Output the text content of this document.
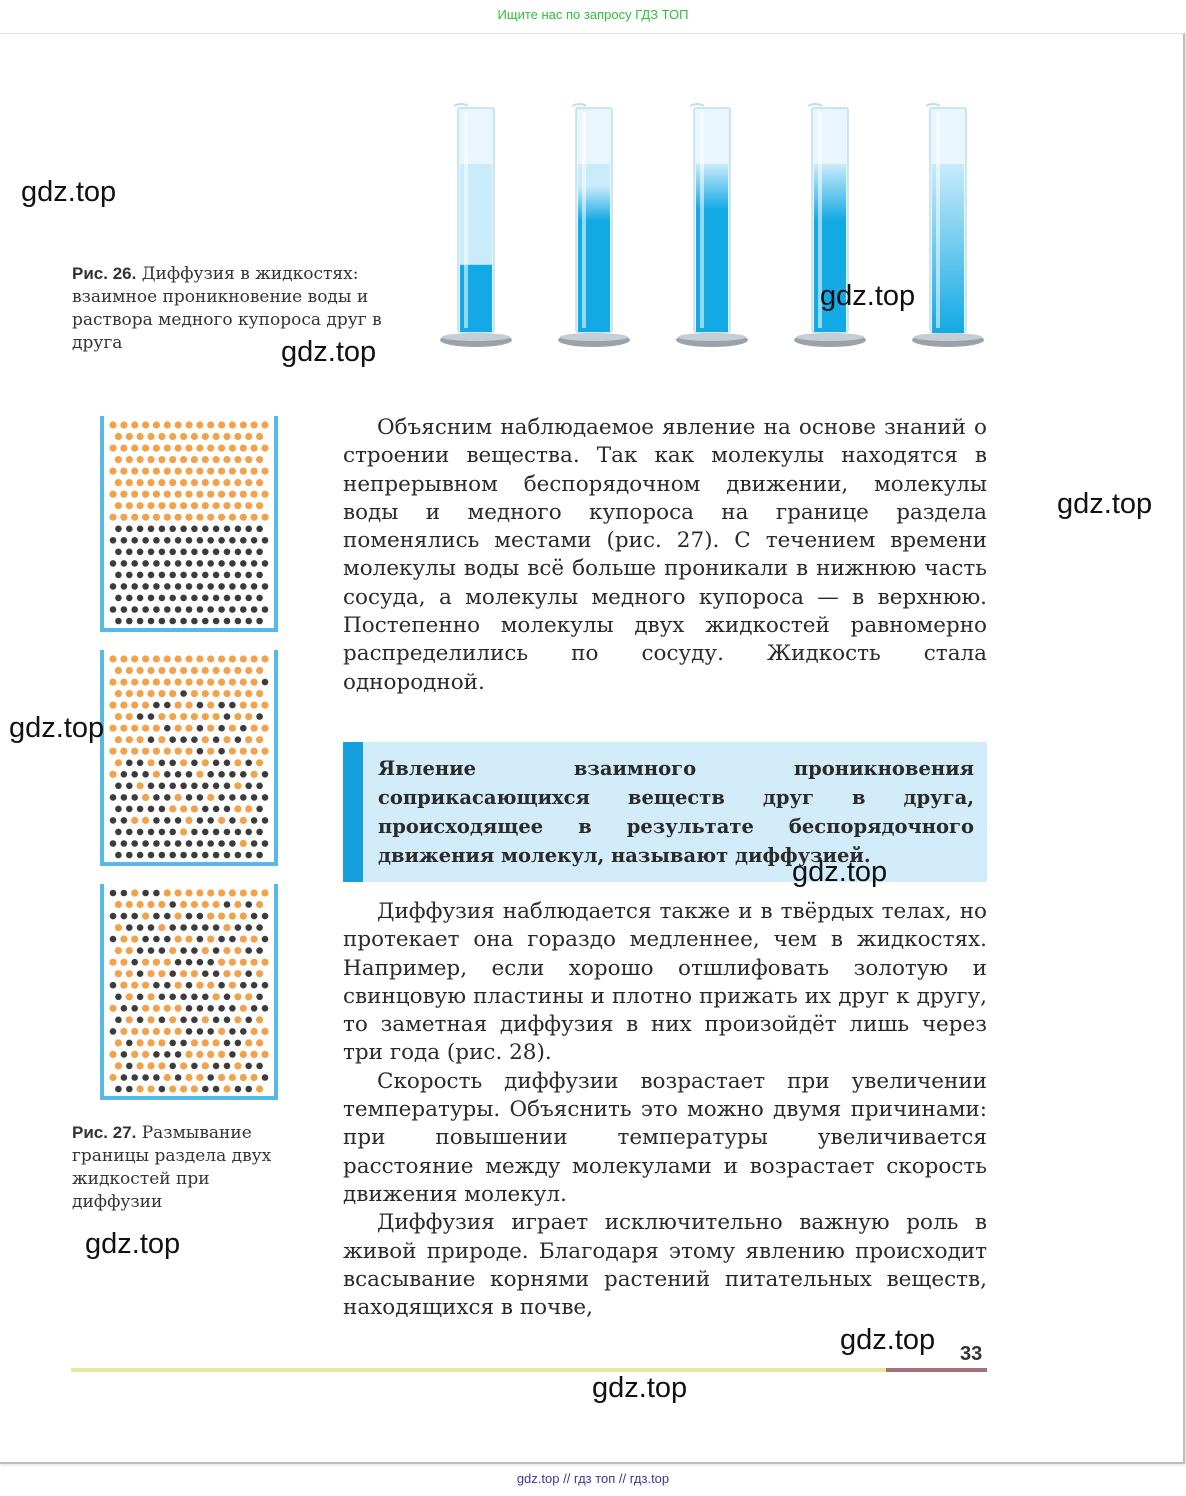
Ищите нас по запросу ГДЗ ТОП
Рис. 26. Диффузия в жидкостях: взаимное проникновение воды и раствора медного купороса друг в друга
Рис. 27. Размывание границы раздела двух жидкостей при диффузии

Объясним наблюдаемое явление на основе знаний о строении вещества. Так как молекулы находятся в непрерывном беспорядочном движении, молекулы воды и медного купороса на границе раздела поменялись местами (рис. 27). С течением времени молекулы воды всё больше проникали в нижнюю часть сосуда, а молекулы медного купороса — в верхнюю. Постепенно молекулы двух жидкостей равномерно распределились по сосуду. Жидкость стала однородной.

Явление взаимного проникновения соприкасающихся веществ друг в друга, происходящее в результате беспорядочного движения молекул, называют диффузией.

Диффузия наблюдается также и в твёрдых телах, но протекает она гораздо медленнее, чем в жидкостях. Например, если хорошо отшлифовать золотую и свинцовую пластины и плотно прижать их друг к другу, то заметная диффузия в них произойдёт лишь через три года (рис. 28).

Скорость диффузии возрастает при увеличении температуры. Объяснить это можно двумя причинами: при повышении температуры увеличивается расстояние между молекулами и возрастает скорость движения молекул.

Диффузия играет исключительно важную роль в живой природе. Благодаря этому явлению происходит всасывание корнями растений питательных веществ, находящихся в почве,

33
gdz.top
gdz.top
gdz.top
gdz.top
gdz.top
gdz.top
gdz.top
gdz.top
gdz.top
gdz.top // гдз топ // гдз.top
